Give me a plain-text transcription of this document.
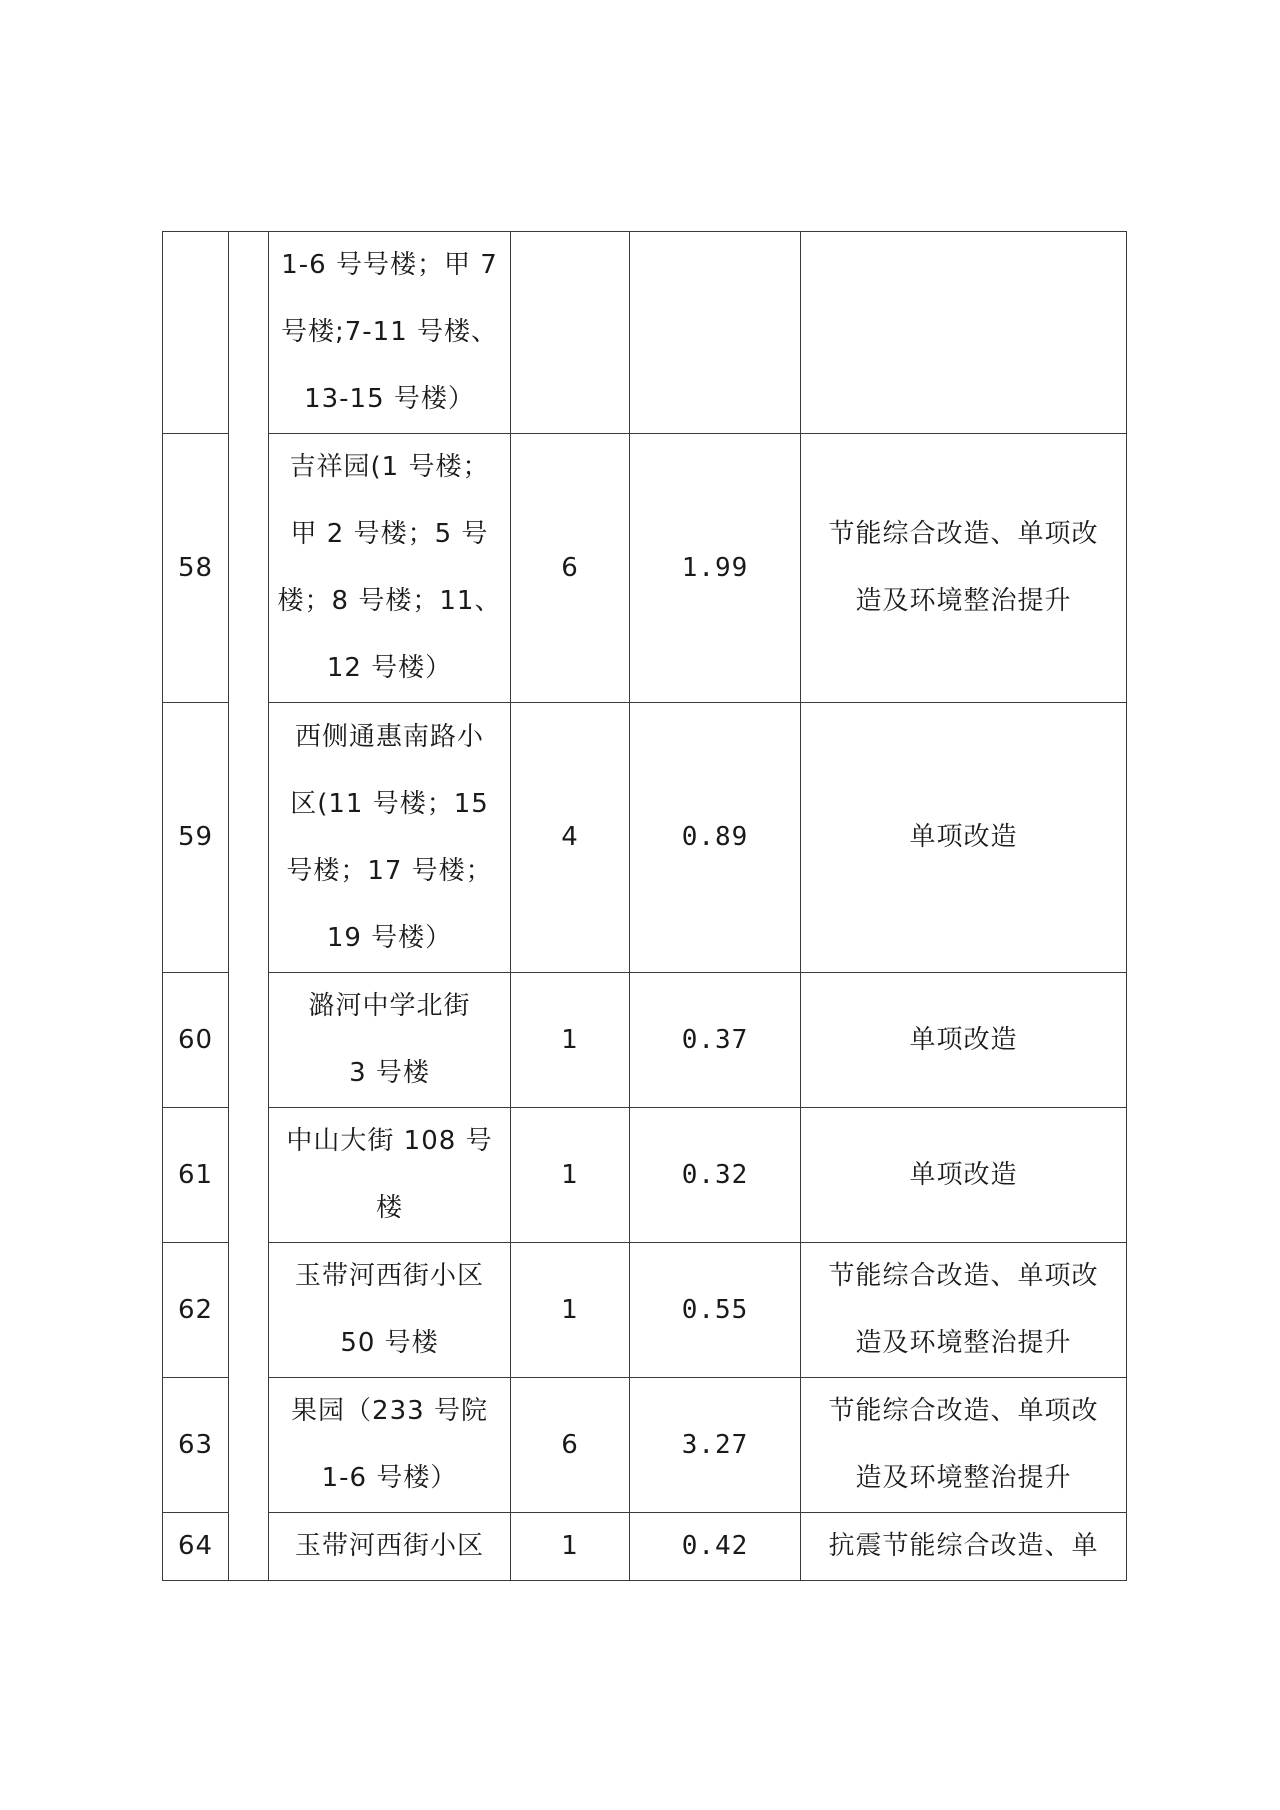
		1-6 号号楼；甲 7
号楼;7-11 号楼、
13-15 号楼）			

58		吉祥园(1 号楼；
甲 2 号楼；5 号
楼；8 号楼；11、
12 号楼）	6	1.99	节能综合改造、单项改
造及环境整治提升

59		西侧通惠南路小
区(11 号楼；15
号楼；17 号楼；
19 号楼）	4	0.89	单项改造

60		潞河中学北街
3 号楼	1	0.37	单项改造

61		中山大街 108 号
楼	1	0.32	单项改造

62		玉带河西街小区
50 号楼	1	0.55	节能综合改造、单项改
造及环境整治提升

63		果园（233 号院
1-6 号楼）	6	3.27	节能综合改造、单项改
造及环境整治提升

64		玉带河西街小区	1	0.42	抗震节能综合改造、单
